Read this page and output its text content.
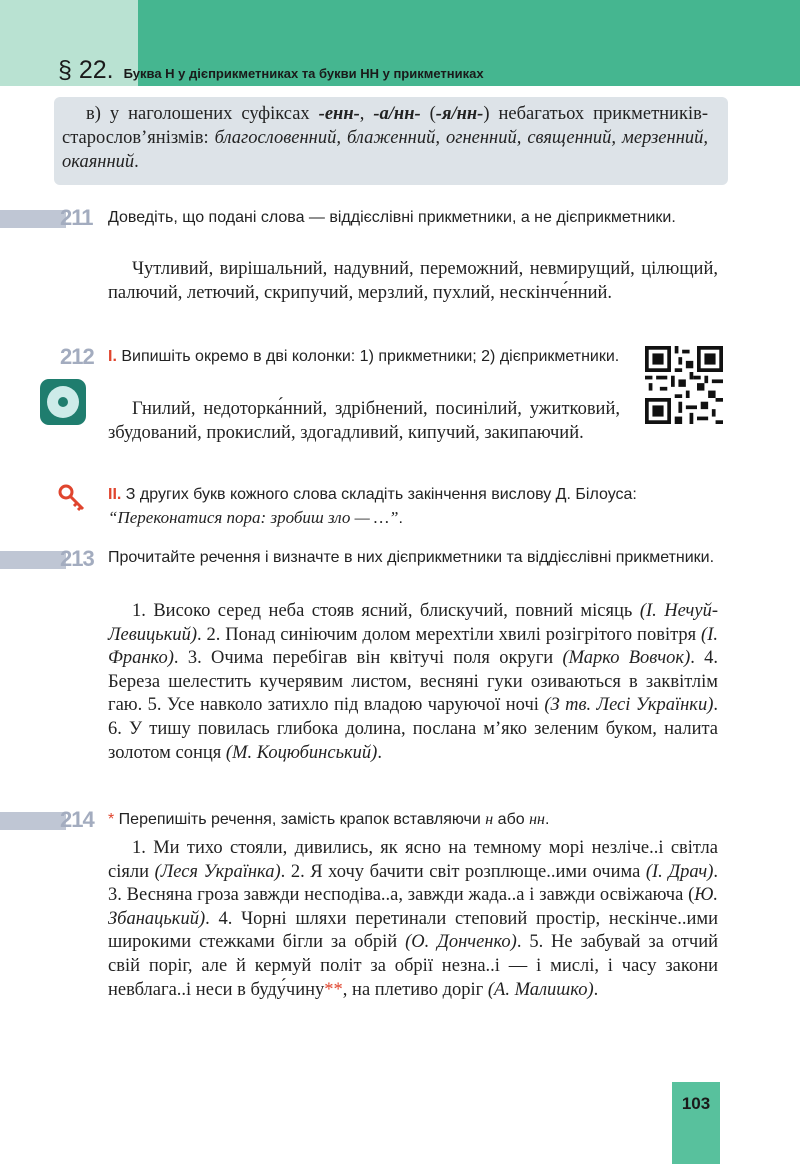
§ 22. Буква Н у дієприкметниках та букви НН у прикметниках

в) у наголошених суфіксах -енн-, -а/нн- (-я/нн-) небагатьох прикметників-старослов’янізмів: благословенний, блаженний, огненний, священний, мерзенний, окаянний.

211 Доведіть, що подані слова — віддієслівні прикметники, а не дієприкметники.

Чутливий, вирішальний, надувний, переможний, невмирущий, цілющий, палючий, летючий, скрипучий, мерзлий, пухлий, нескінче́нний.

212 І. Випишіть окремо в дві колонки: 1) прикметники; 2) дієприкметники.

Гнилий, недоторка́нний, здрібнений, посинілий, ужитковий, збудований, прокислий, здогадливий, кипучий, закипаючий.

ІІ. З других букв кожного слова складіть закінчення вислову Д. Білоуса: “Переконатися пора: зробиш зло — …”.
213 Прочитайте речення і визначте в них дієприкметники та віддієслівні прикметники.

1. Високо серед неба стояв ясний, блискучий, повний місяць (І. Нечуй-Левицький). 2. Понад синіючим долом мерехтіли хвилі розігрітого повітря (І. Франко). 3. Очима перебігав він квітучі поля округи (Марко Вовчок). 4. Береза шелестить кучерявим листом, весняні гуки озиваються в заквітлім гаю. 5. Усе навколо затихло під владою чаруючої ночі (З тв. Лесі Українки). 6. У тишу повилась глибока долина, послана м’яко зеленим буком, налита золотом сонця (М. Коцюбинський).

214 * Перепишіть речення, замість крапок вставляючи н або нн.

1. Ми тихо стояли, дивились, як ясно на темному морі незліче..і світла сіяли (Леся Українка). 2. Я хочу бачити світ розплюще..ими очима (І. Драч). 3. Весняна гроза завжди несподіва..а, завжди жада..а і завжди освіжаюча (Ю. Збанацький). 4. Чорні шляхи перетинали степовий простір, нескінче..ими широкими стежками бігли за обрій (О. Донченко). 5. Не забувай за отчий свій поріг, але й кермуй політ за обрії незна..і — і мислі, і часу закони невблага..і неси в буду́чину**, на плетиво доріг (А. Малишко).

103
